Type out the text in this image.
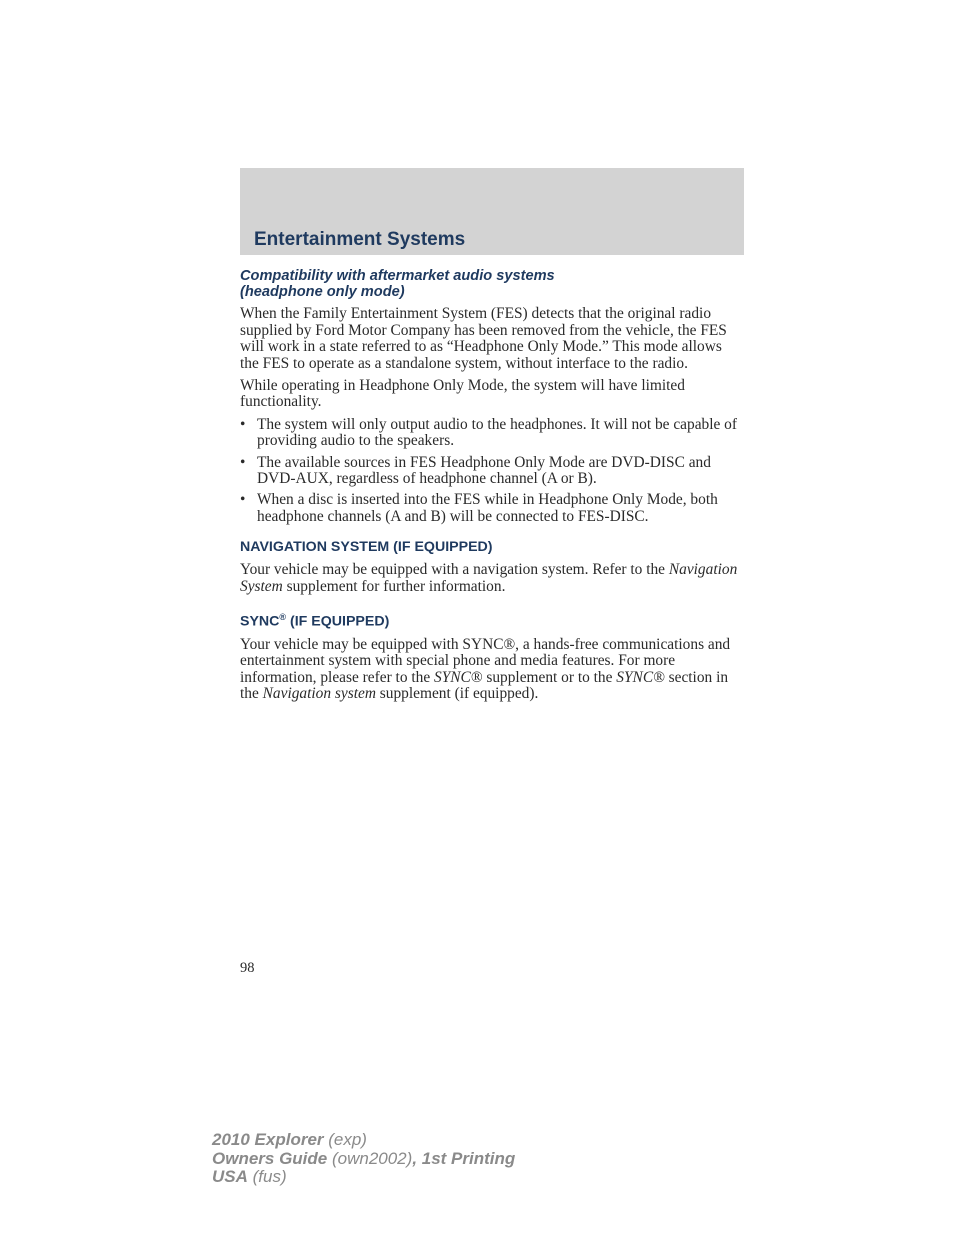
Entertainment Systems
Compatibility with aftermarket audio systems
(headphone only mode)

When the Family Entertainment System (FES) detects that the original radio supplied by Ford Motor Company has been removed from the vehicle, the FES will work in a state referred to as “Headphone Only Mode.” This mode allows the FES to operate as a standalone system, without interface to the radio.

While operating in Headphone Only Mode, the system will have limited functionality.

• The system will only output audio to the headphones. It will not be capable of providing audio to the speakers.
• The available sources in FES Headphone Only Mode are DVD-DISC and DVD-AUX, regardless of headphone channel (A or B).
• When a disc is inserted into the FES while in Headphone Only Mode, both headphone channels (A and B) will be connected to FES-DISC.
NAVIGATION SYSTEM (IF EQUIPPED)

Your vehicle may be equipped with a navigation system. Refer to the Navigation System supplement for further information.

SYNC® (IF EQUIPPED)

Your vehicle may be equipped with SYNC®, a hands-free communications and entertainment system with special phone and media features. For more information, please refer to the SYNC® supplement or to the SYNC® section in the Navigation system supplement (if equipped).

98
2010 Explorer (exp)
Owners Guide (own2002), 1st Printing
USA (fus)
